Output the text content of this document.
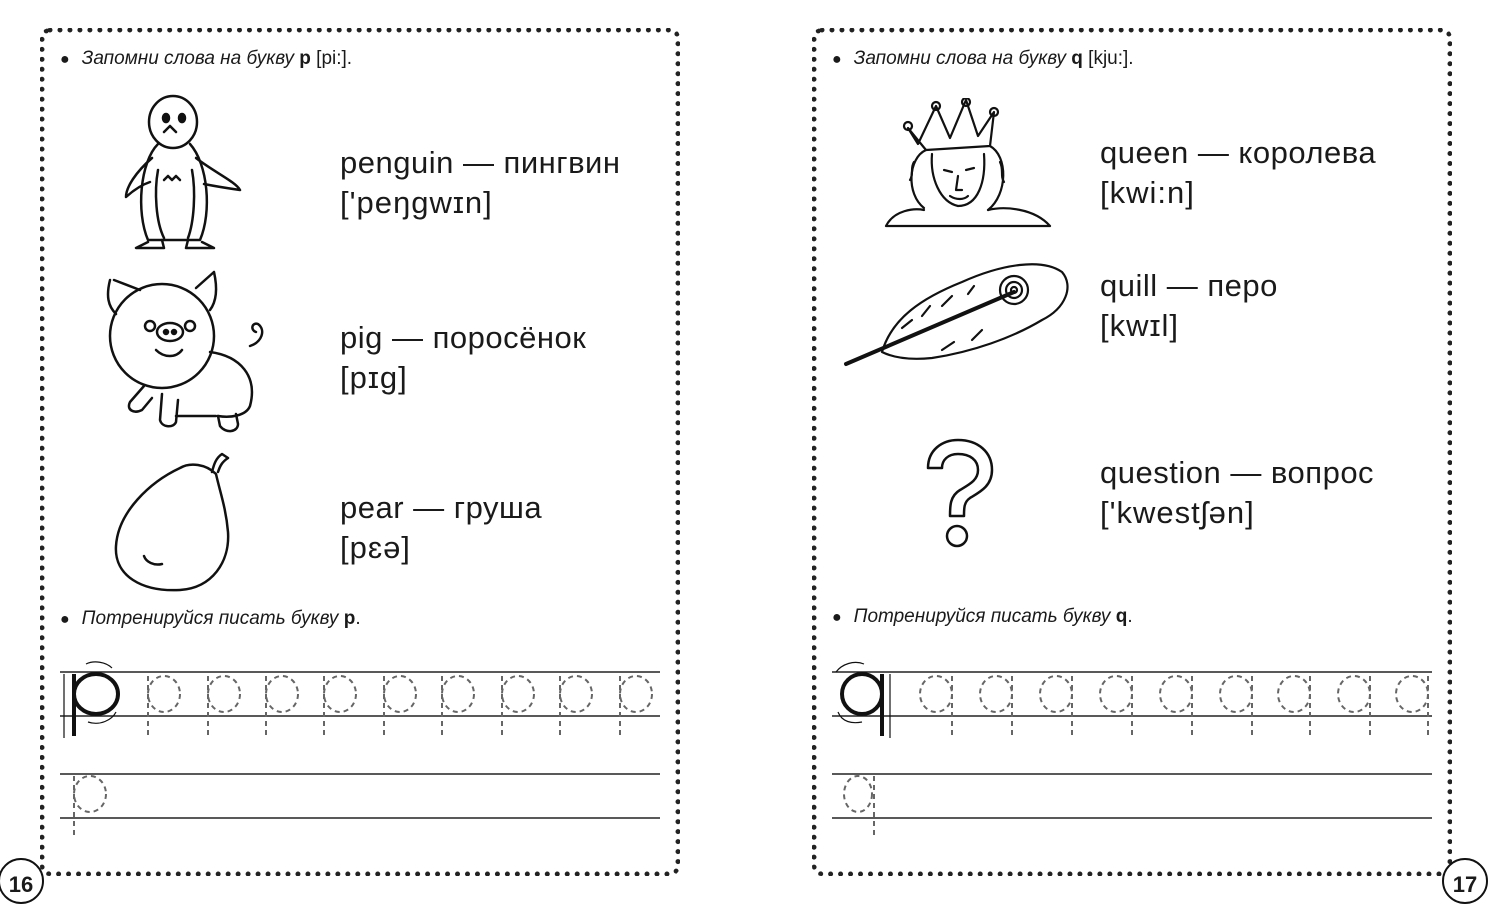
● Запомни слова на букву p [pi:].
penguin — пингвин
['peŋgwɪn]
pig — поросёнок
[pɪg]
pear — груша
[pɛə]
● Потренируйся писать букву p.
16
● Запомни слова на букву q [kju:].
queen — королева
[kwi:n]
quill — перо
[kwɪl]
question — вопрос
['kwestʃən]
● Потренируйся писать букву q.
17
